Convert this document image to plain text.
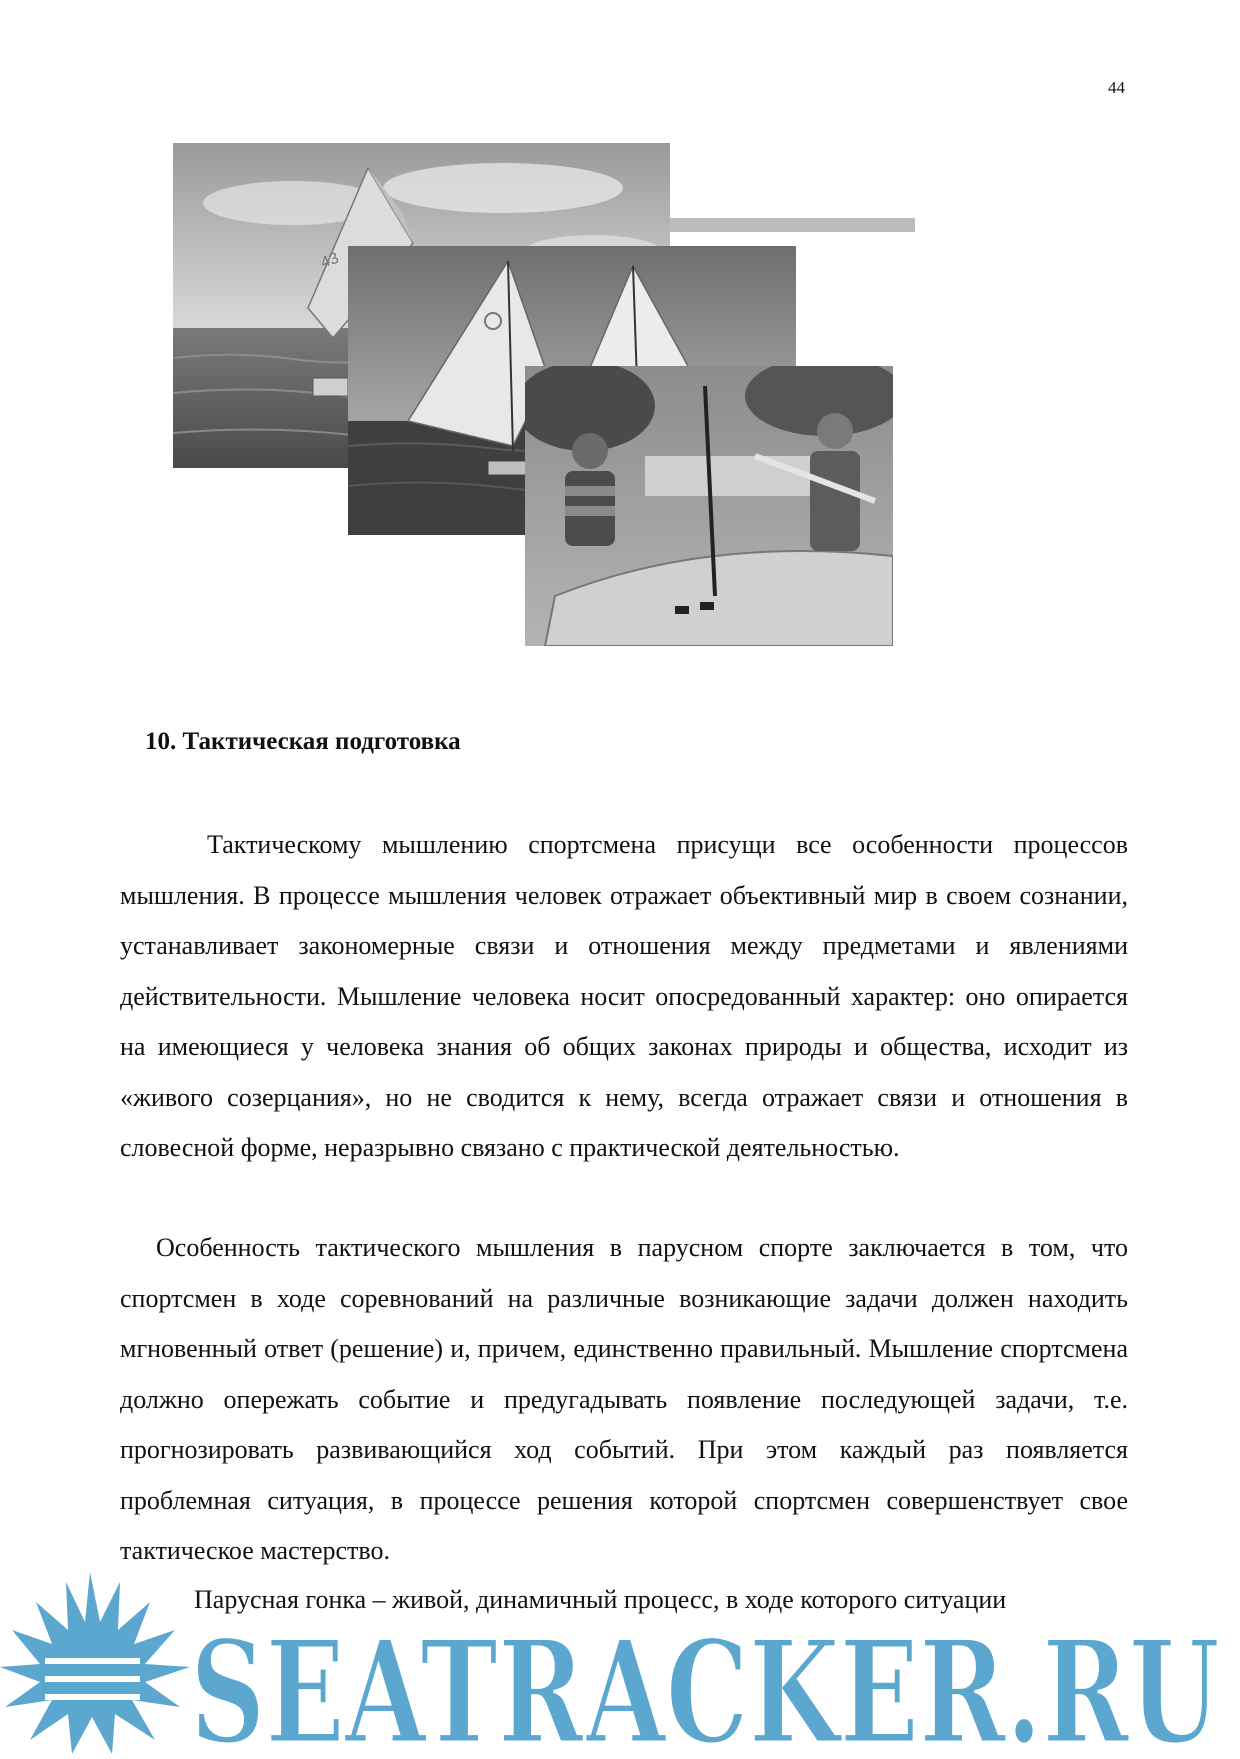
44
43
10. Тактическая подготовка

Тактическому мышлению спортсмена присущи все особенности процессов мышления. В процессе мышления человек отражает объективный мир в своем сознании, устанавливает закономерные связи и отношения между предметами и явлениями действительности. Мышление человека носит опосредованный характер: оно опирается на имеющиеся у человека знания об общих законах природы и общества, исходит из «живого созерцания», но не сводится к нему, всегда отражает связи и отношения в словесной форме, неразрывно связано с практической деятельностью.

Особенность тактического мышления в парусном спорте заключается в том, что спортсмен в ходе соревнований на различные возникающие задачи должен находить мгновенный ответ (решение) и, причем, единственно правильный. Мышление спортсмена должно опережать событие и предугадывать появление последующей задачи, т.е. прогнозировать развивающийся ход событий. При этом каждый раз появляется проблемная ситуация, в процессе решения которой спортсмен совершенствует свое тактическое мастерство.

Парусная гонка – живой, динамичный процесс, в ходе которого ситуации

SEATRACKER.RU
